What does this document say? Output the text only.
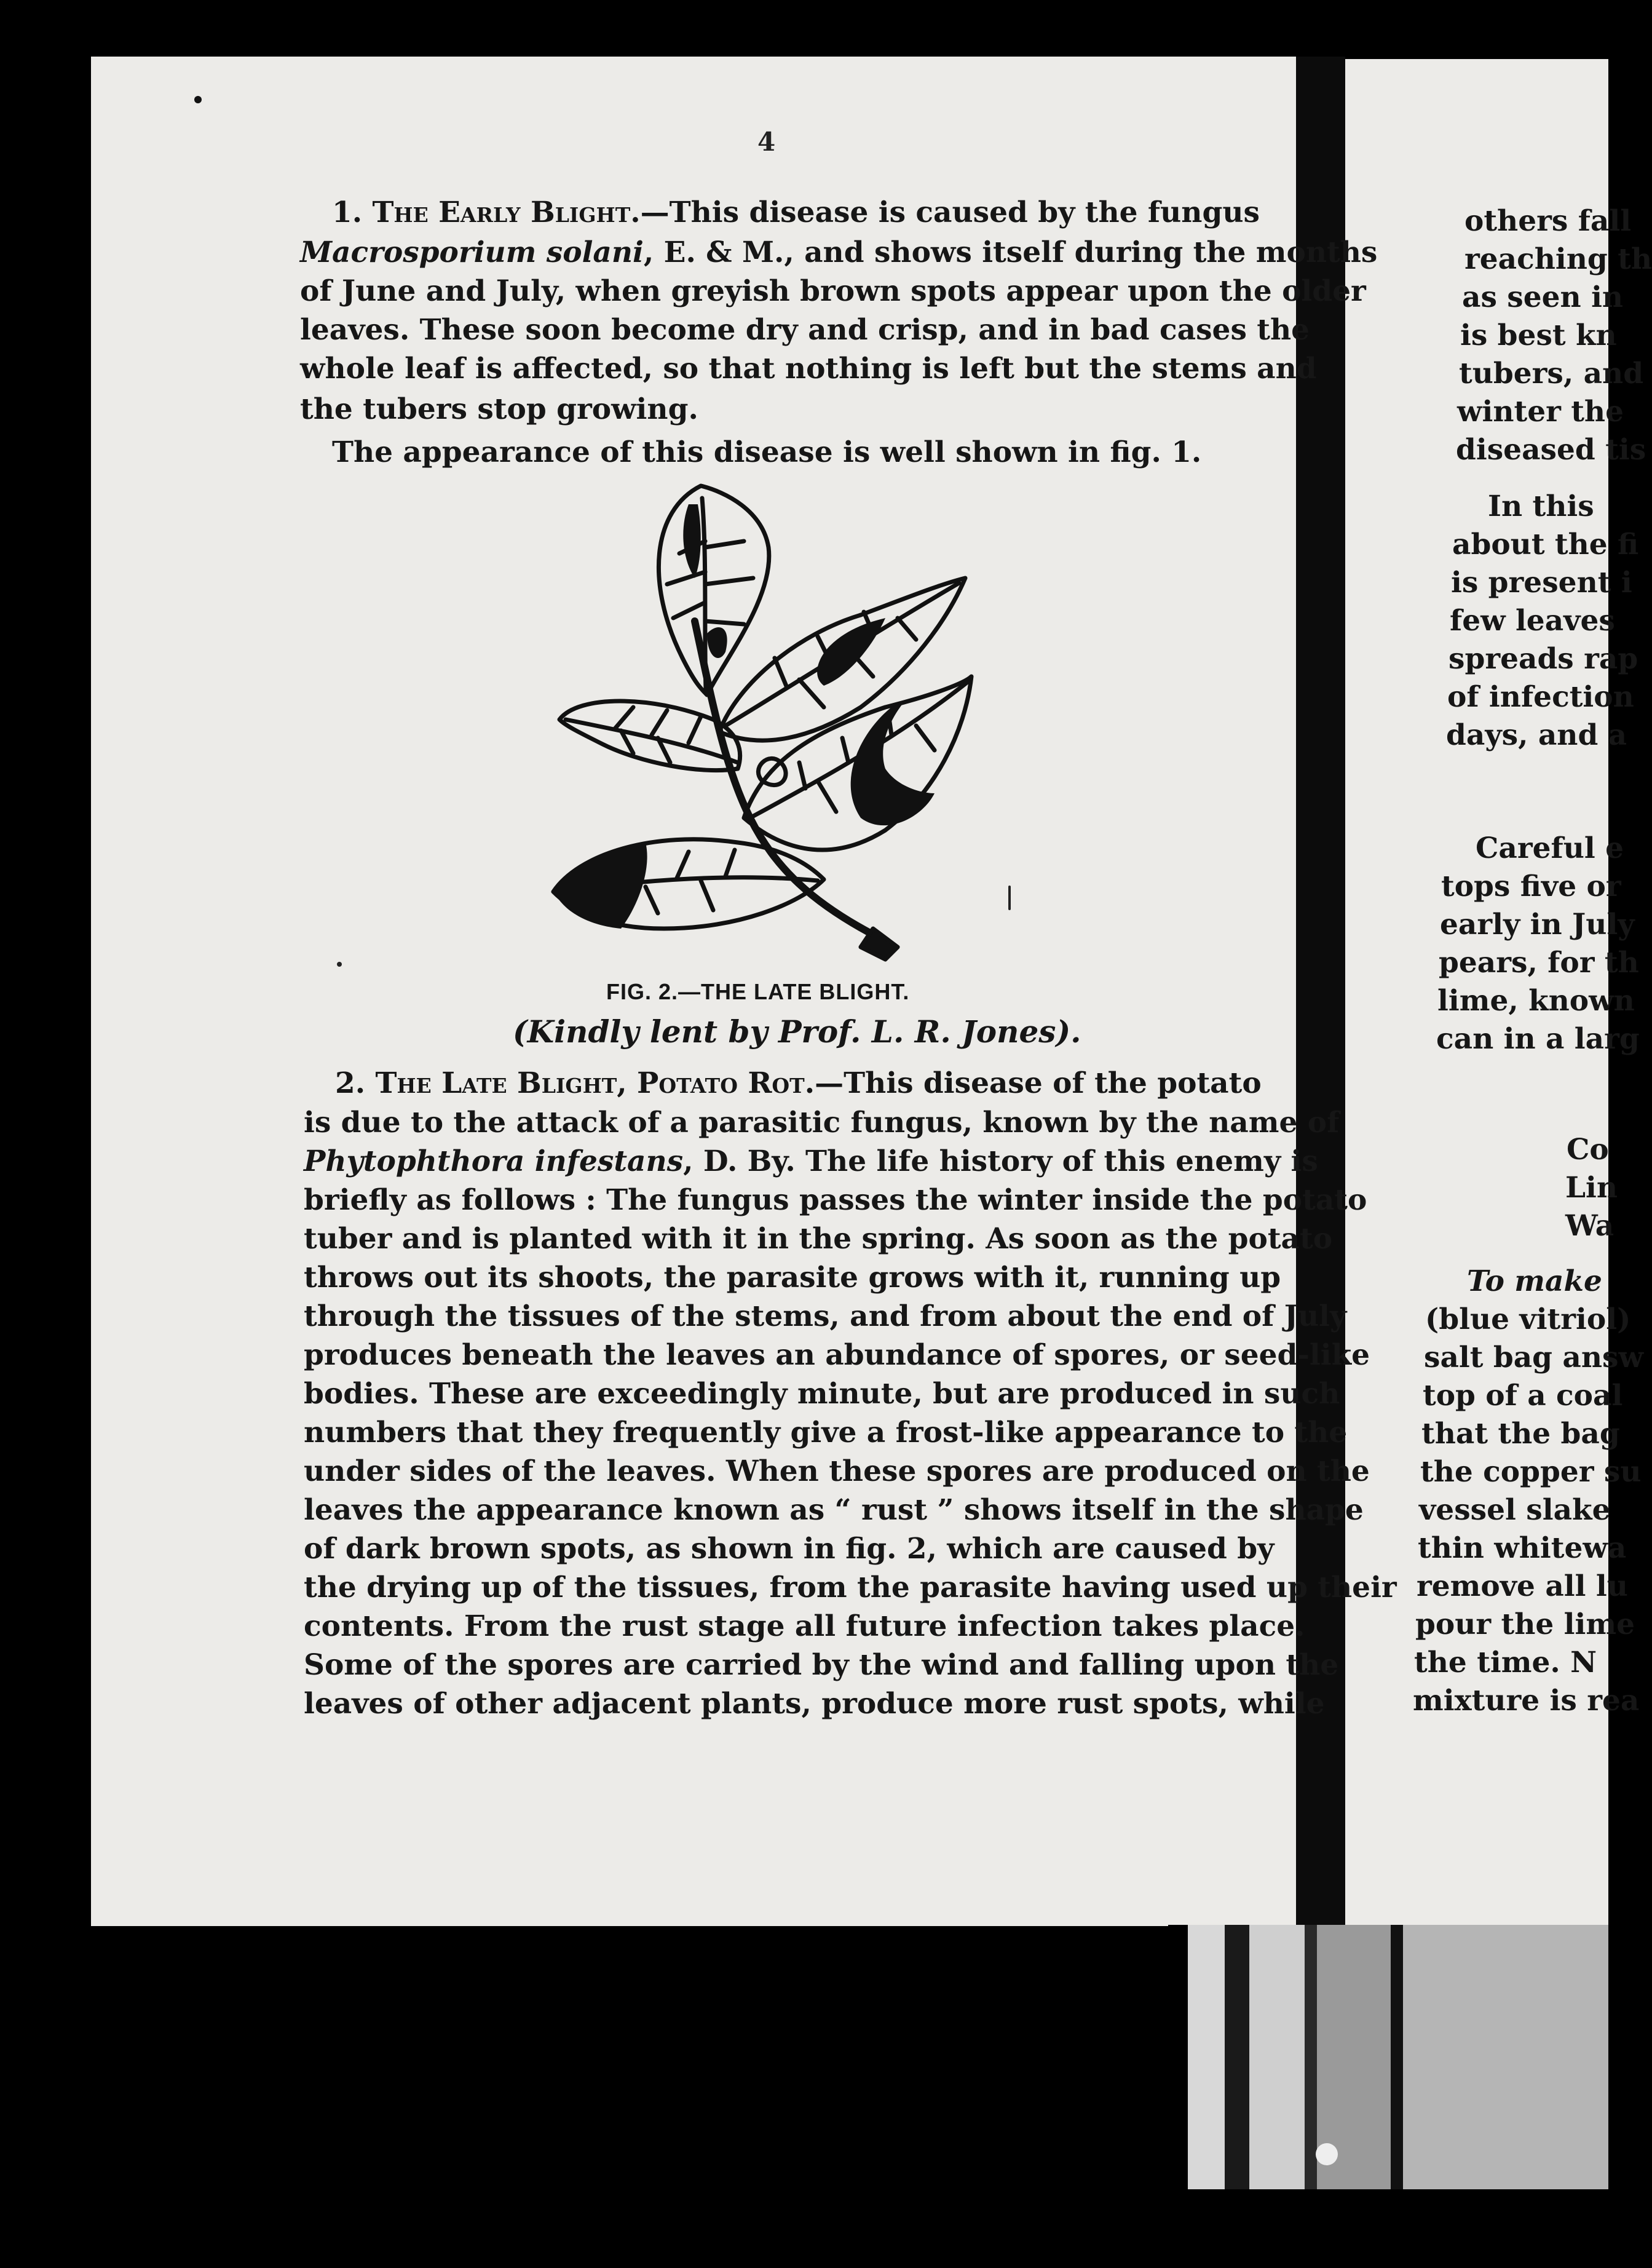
4
1. The Early Blight.—This disease is caused by the fungus
Macrosporium solani, E. & M., and shows itself during the months
of June and July, when greyish brown spots appear upon the older
leaves. These soon become dry and crisp, and in bad cases the
whole leaf is affected, so that nothing is left but the stems and
the tubers stop growing.
The appearance of this disease is well shown in fig. 1.
FIG. 2.—THE LATE BLIGHT.
(Kindly lent by Prof. L. R. Jones).
2. The Late Blight, Potato Rot.—This disease of the potato
is due to the attack of a parasitic fungus, known by the name of
Phytophthora infestans, D. By. The life history of this enemy is
briefly as follows : The fungus passes the winter inside the potato
tuber and is planted with it in the spring. As soon as the potato
throws out its shoots, the parasite grows with it, running up
through the tissues of the stems, and from about the end of July
produces beneath the leaves an abundance of spores, or seed-like
bodies. These are exceedingly minute, but are produced in such
numbers that they frequently give a frost-like appearance to the
under sides of the leaves. When these spores are produced on the
leaves the appearance known as “ rust ” shows itself in the shape
of dark brown spots, as shown in fig. 2, which are caused by
the drying up of the tissues, from the parasite having used up their
contents. From the rust stage all future infection takes place.
Some of the spores are carried by the wind and falling upon the
leaves of other adjacent plants, produce more rust spots, while
others fall
reaching th
as seen in
is best kn
tubers, and
winter the
diseased tis
In this
about the fi
is present i
few leaves
spreads rap
of infection
days, and a
Careful e
tops five or
early in July
pears, for th
lime, known
can in a larg
Co
Lin
Wa
To make
(blue vitriol)
salt bag answ
top of a coal
that the bag
the copper su
vessel slake
thin whitewa
remove all lu
pour the lime
the time. N
mixture is rea
